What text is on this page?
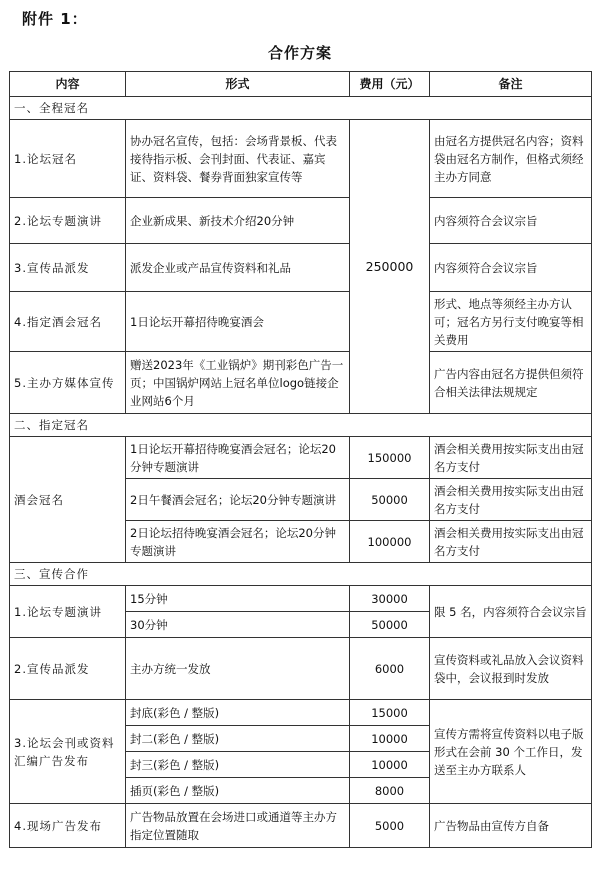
附件 1：
合作方案
内容	形式	费用（元）	备注
一、全程冠名			
1.论坛冠名	协办冠名宣传，包括：会场背景板、代表接待指示板、会刊封面、代表证、嘉宾证、资料袋、餐券背面独家宣传等	250000	由冠名方提供冠名内容；资料袋由冠名方制作，但格式须经主办方同意
2.论坛专题演讲	企业新成果、新技术介绍20分钟		内容须符合会议宗旨
3.宣传品派发	派发企业或产品宣传资料和礼品		内容须符合会议宗旨
4.指定酒会冠名	1日论坛开幕招待晚宴酒会		形式、地点等须经主办方认可；冠名方另行支付晚宴等相关费用
5.主办方媒体宣传	赠送2023年《工业锅炉》期刊彩色广告一页；中国锅炉网站上冠名单位logo链接企业网站6个月		广告内容由冠名方提供但须符合相关法律法规规定
二、指定冠名			
酒会冠名	1日论坛开幕招待晚宴酒会冠名；论坛20分钟专题演讲	150000	酒会相关费用按实际支出由冠名方支付
	2日午餐酒会冠名；论坛20分钟专题演讲	50000	酒会相关费用按实际支出由冠名方支付
	2日论坛招待晚宴酒会冠名；论坛20分钟专题演讲	100000	酒会相关费用按实际支出由冠名方支付
三、宣传合作			
1.论坛专题演讲	15分钟	30000	限 5 名，内容须符合会议宗旨
	30分钟	50000	
2.宣传品派发	主办方统一发放	6000	宣传资料或礼品放入会议资料袋中，会议报到时发放
3.论坛会刊或资料汇编广告发布	封底(彩色 / 整版)	15000	宣传方需将宣传资料以电子版形式在会前 30 个工作日，发送至主办方联系人
	封二(彩色 / 整版)	10000	
	封三(彩色 / 整版)	10000	
	插页(彩色 / 整版)	8000	
4.现场广告发布	广告物品放置在会场进口或通道等主办方指定位置随取	5000	广告物品由宣传方自备
